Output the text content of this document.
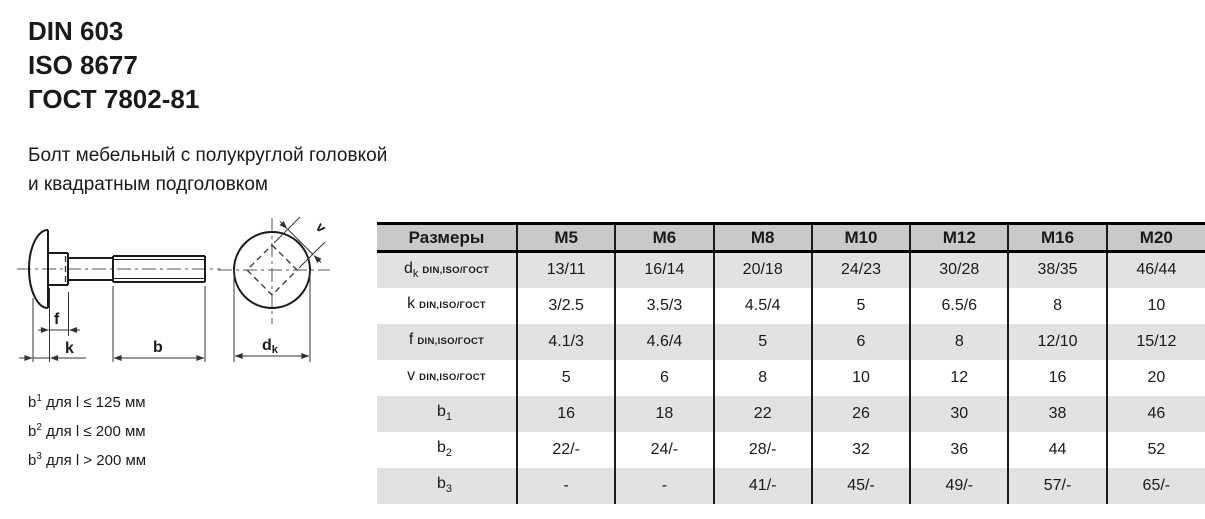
DIN 603
ISO 8677
ГОСТ 7802-81
Болт мебельный с полукруглой головкой
и квадратным подголовком
f
k	b
v
dk
$b^1$ для l ≤ 125 мм
$b^2$ для l ≤ 200 мм
$b^3$ для l > 200 мм
Размеры	M5	M6	M8	M10	M12	M16	M20
$d_k$ DIN,ISO/ГОСТ	13/11	16/14	20/18	24/23	30/28	38/35	46/44
k DIN,ISO/ГОСТ	3/2.5	3.5/3	4.5/4	5	6.5/6	8	10
f DIN,ISO/ГОСТ	4.1/3	4.6/4	5	6	8	12/10	15/12
v DIN,ISO/ГОСТ	5	6	8	10	12	16	20
$b_1$	16	18	22	26	30	38	46
$b_2$	22/-	24/-	28/-	32	36	44	52
$b_3$	-	-	41/-	45/-	49/-	57/-	65/-
